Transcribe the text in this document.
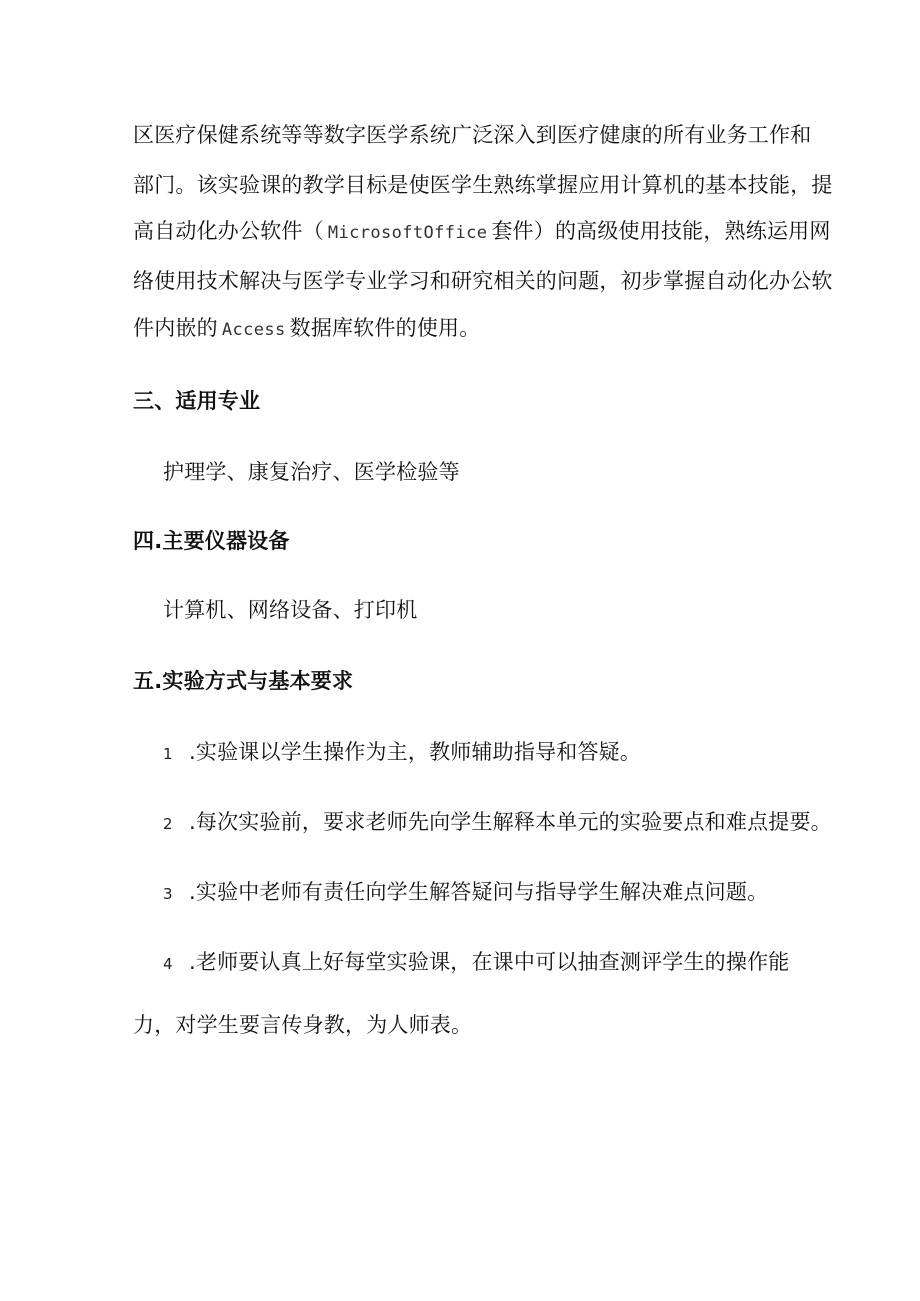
区医疗保健系统等等数字医学系统广泛深入到医疗健康的所有业务工作和
部门。该实验课的教学目标是使医学生熟练掌握应用计算机的基本技能，提
高自动化办公软件（ MicrosoftOffice 套件）的高级使用技能，熟练运用网
络使用技术解决与医学专业学习和研究相关的问题，初步掌握自动化办公软
件内嵌的 Access 数据库软件的使用。
三、适用专业
护理学、康复治疗、医学检验等
四.主要仪器设备
计算机、网络设备、打印机
五.实验方式与基本要求
1 .实验课以学生操作为主，教师辅助指导和答疑。
2 .每次实验前，要求老师先向学生解释本单元的实验要点和难点提要。
3 .实验中老师有责任向学生解答疑问与指导学生解决难点问题。
4 .老师要认真上好每堂实验课，在课中可以抽查测评学生的操作能
力，对学生要言传身教，为人师表。
